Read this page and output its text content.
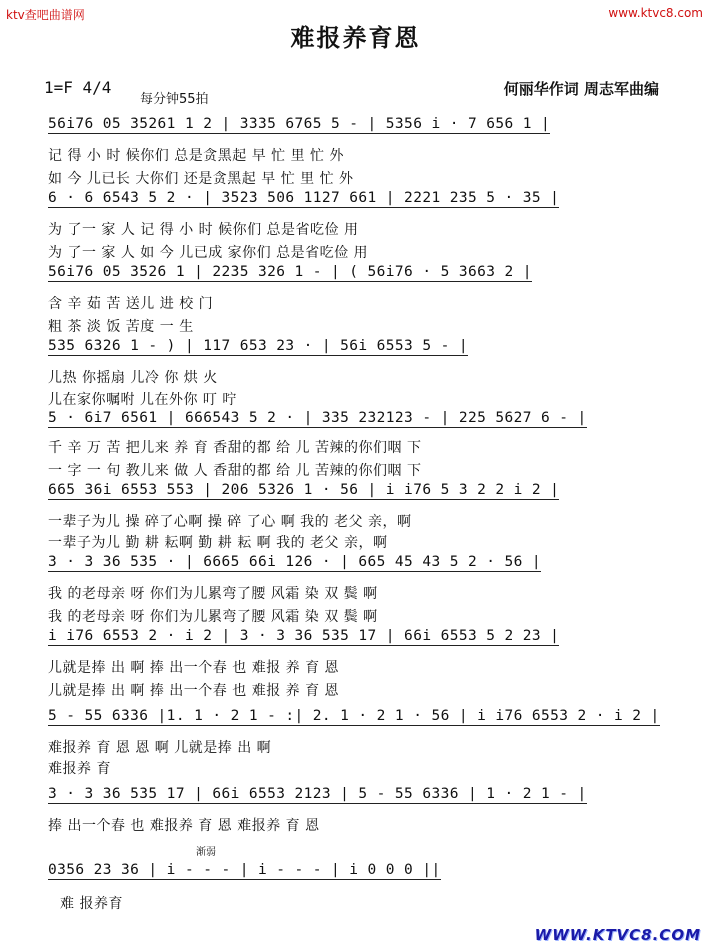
ktv查吧曲谱网	www.ktvc8.com
难报养育恩
1=F 4/4
每分钟55拍
何丽华作词 周志军曲编
56i76 05 35261 1 2 | 3335 6765 5 - | 5356 i · 7 656 1 |
记 得 小 时 候你们 总是贪黑起 早 忙 里 忙 外
如 今 儿已长 大你们 还是贪黑起 早 忙 里 忙 外
6 · 6 6543 5 2 · | 3523 506 1127 661 | 2221 235 5 · 35 |
为 了一 家 人 记 得 小 时 候你们 总是省吃俭 用
为 了一 家 人 如 今 儿已成 家你们 总是省吃俭 用
56i76 05 3526 1 | 2235 326 1 - | ( 56i76 · 5 3663 2 |
含 辛 茹 苦 送儿 进 校 门
粗 茶 淡 饭 苦度 一 生
535 6326 1 - ) | 117 653 23 · | 56i 6553 5 - |
儿热 你摇扇 儿冷 你 烘 火
儿在家你嘱咐 儿在外你 叮 咛
5 · 6i7 6561 | 666543 5 2 · | 335 232123 - | 225 5627 6 - |
千 辛 万 苦 把儿来 养 育 香甜的都 给 儿 苦辣的你们咽 下
一 字 一 句 教儿来 做 人 香甜的都 给 儿 苦辣的你们咽 下
665 36i 6553 553 | 206 5326 1 · 56 | i i76 5 3 2 2 i 2 |
一辈子为儿 操 碎了心啊 操 碎 了心 啊 我的 老父 亲，啊
一辈子为儿 勤 耕 耘啊 勤 耕 耘 啊 我的 老父 亲，啊
3 · 3 36 535 · | 6665 66i 126 · | 665 45 43 5 2 · 56 |
我 的老母亲 呀 你们为儿累弯了腰 风霜 染 双 鬓 啊
我 的老母亲 呀 你们为儿累弯了腰 风霜 染 双 鬓 啊
i i76 6553 2 · i 2 | 3 · 3 36 535 17 | 66i 6553 5 2 23 |
儿就是捧 出 啊 捧 出一个春 也 难报 养 育 恩
儿就是捧 出 啊 捧 出一个春 也 难报 养 育 恩
5 - 55 6336 |1. 1 · 2 1 - :| 2. 1 · 2 1 · 56 | i i76 6553 2 · i 2 |
难报养 育 恩 恩 啊 儿就是捧 出 啊
难报养 育
3 · 3 36 535 17 | 66i 6553 2123 | 5 - 55 6336 | 1 · 2 1 - |
捧 出一个春 也 难报养 育 恩 难报养 育 恩
渐弱
0356 23 36 | i - - - | i - - - | i 0 0 0 ||
难 报养育
WWW.KTVC8.COM
